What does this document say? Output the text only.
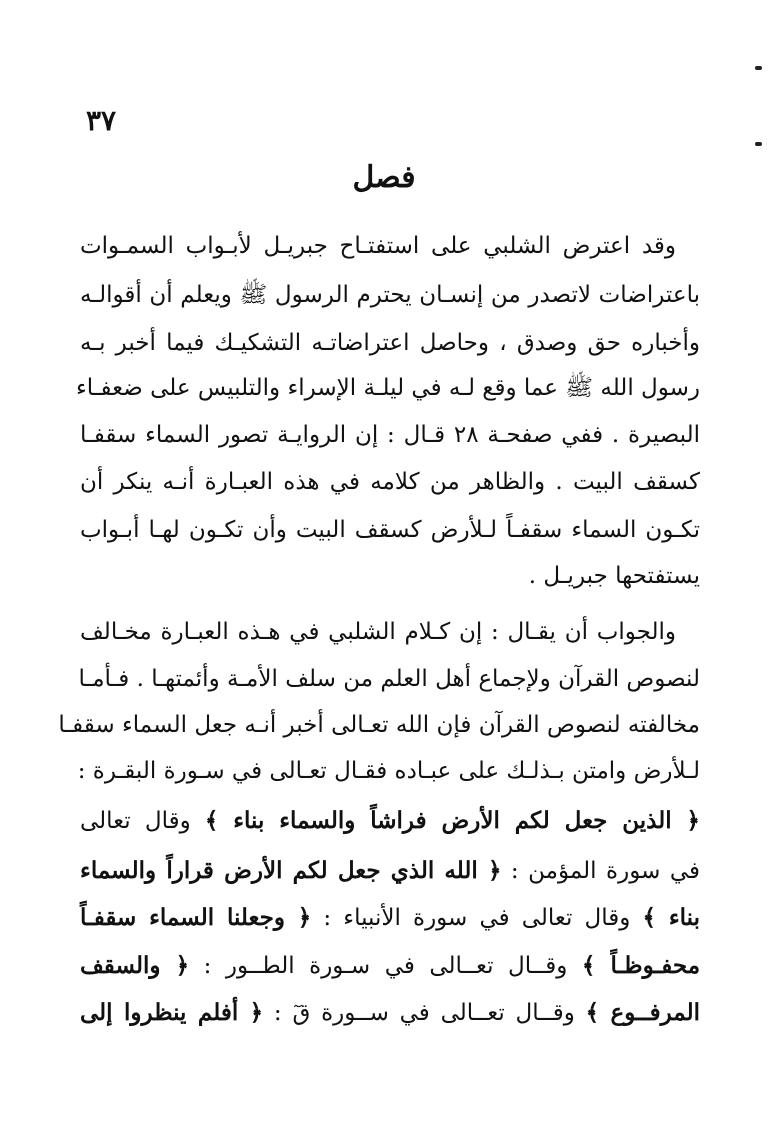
٣٧
فصل
وقد اعترض الشلبي على استفتـاح جبريـل لأبـواب السمـوات
باعتراضات لاتصدر من إنسـان يحترم الرسول ﷺ ويعلم أن أقوالـه
وأخباره حق وصدق ، وحاصل اعتراضاتـه التشكيـك فيما أخبر بـه
رسول الله ﷺ عما وقع لـه في ليلـة الإسراء والتلبيس على ضعفـاء
البصيرة . ففي صفحـة ٢٨ قـال : إن الروايـة تصور السماء سقفـا
كسقف البيت . والظاهر من كلامه في هذه العبـارة أنـه ينكر أن
تكـون السماء سقفـاً لـلأرض كسقف البيت وأن تكـون لهـا أبـواب
يستفتحها جبريـل .
والجواب أن يقـال : إن كـلام الشلبي في هـذه العبـارة مخـالف
لنصوص القرآن ولإجماع أهل العلم من سلف الأمـة وأئمتهـا . فـأمـا
مخالفته لنصوص القرآن فإن الله تعـالى أخبر أنـه جعل السماء سقفـا
لـلأرض وامتن بـذلـك على عبـاده فقـال تعـالى في سـورة البقـرة :
﴿ الذين جعل لكم الأرض فراشاً والسماء بناء ﴾ وقال تعالى
في سورة المؤمن : ﴿ الله الذي جعل لكم الأرض قراراً والسماء
بناء ﴾ وقال تعالى في سورة الأنبياء : ﴿ وجعلنا السماء سقفـاً
محفـوظـاً ﴾ وقــال تعــالى في سـورة الطــور : ﴿ والسقف
المرفــوع ﴾ وقــال تعــالى في ســورة قٓ : ﴿ أفلم ينظروا إلى
